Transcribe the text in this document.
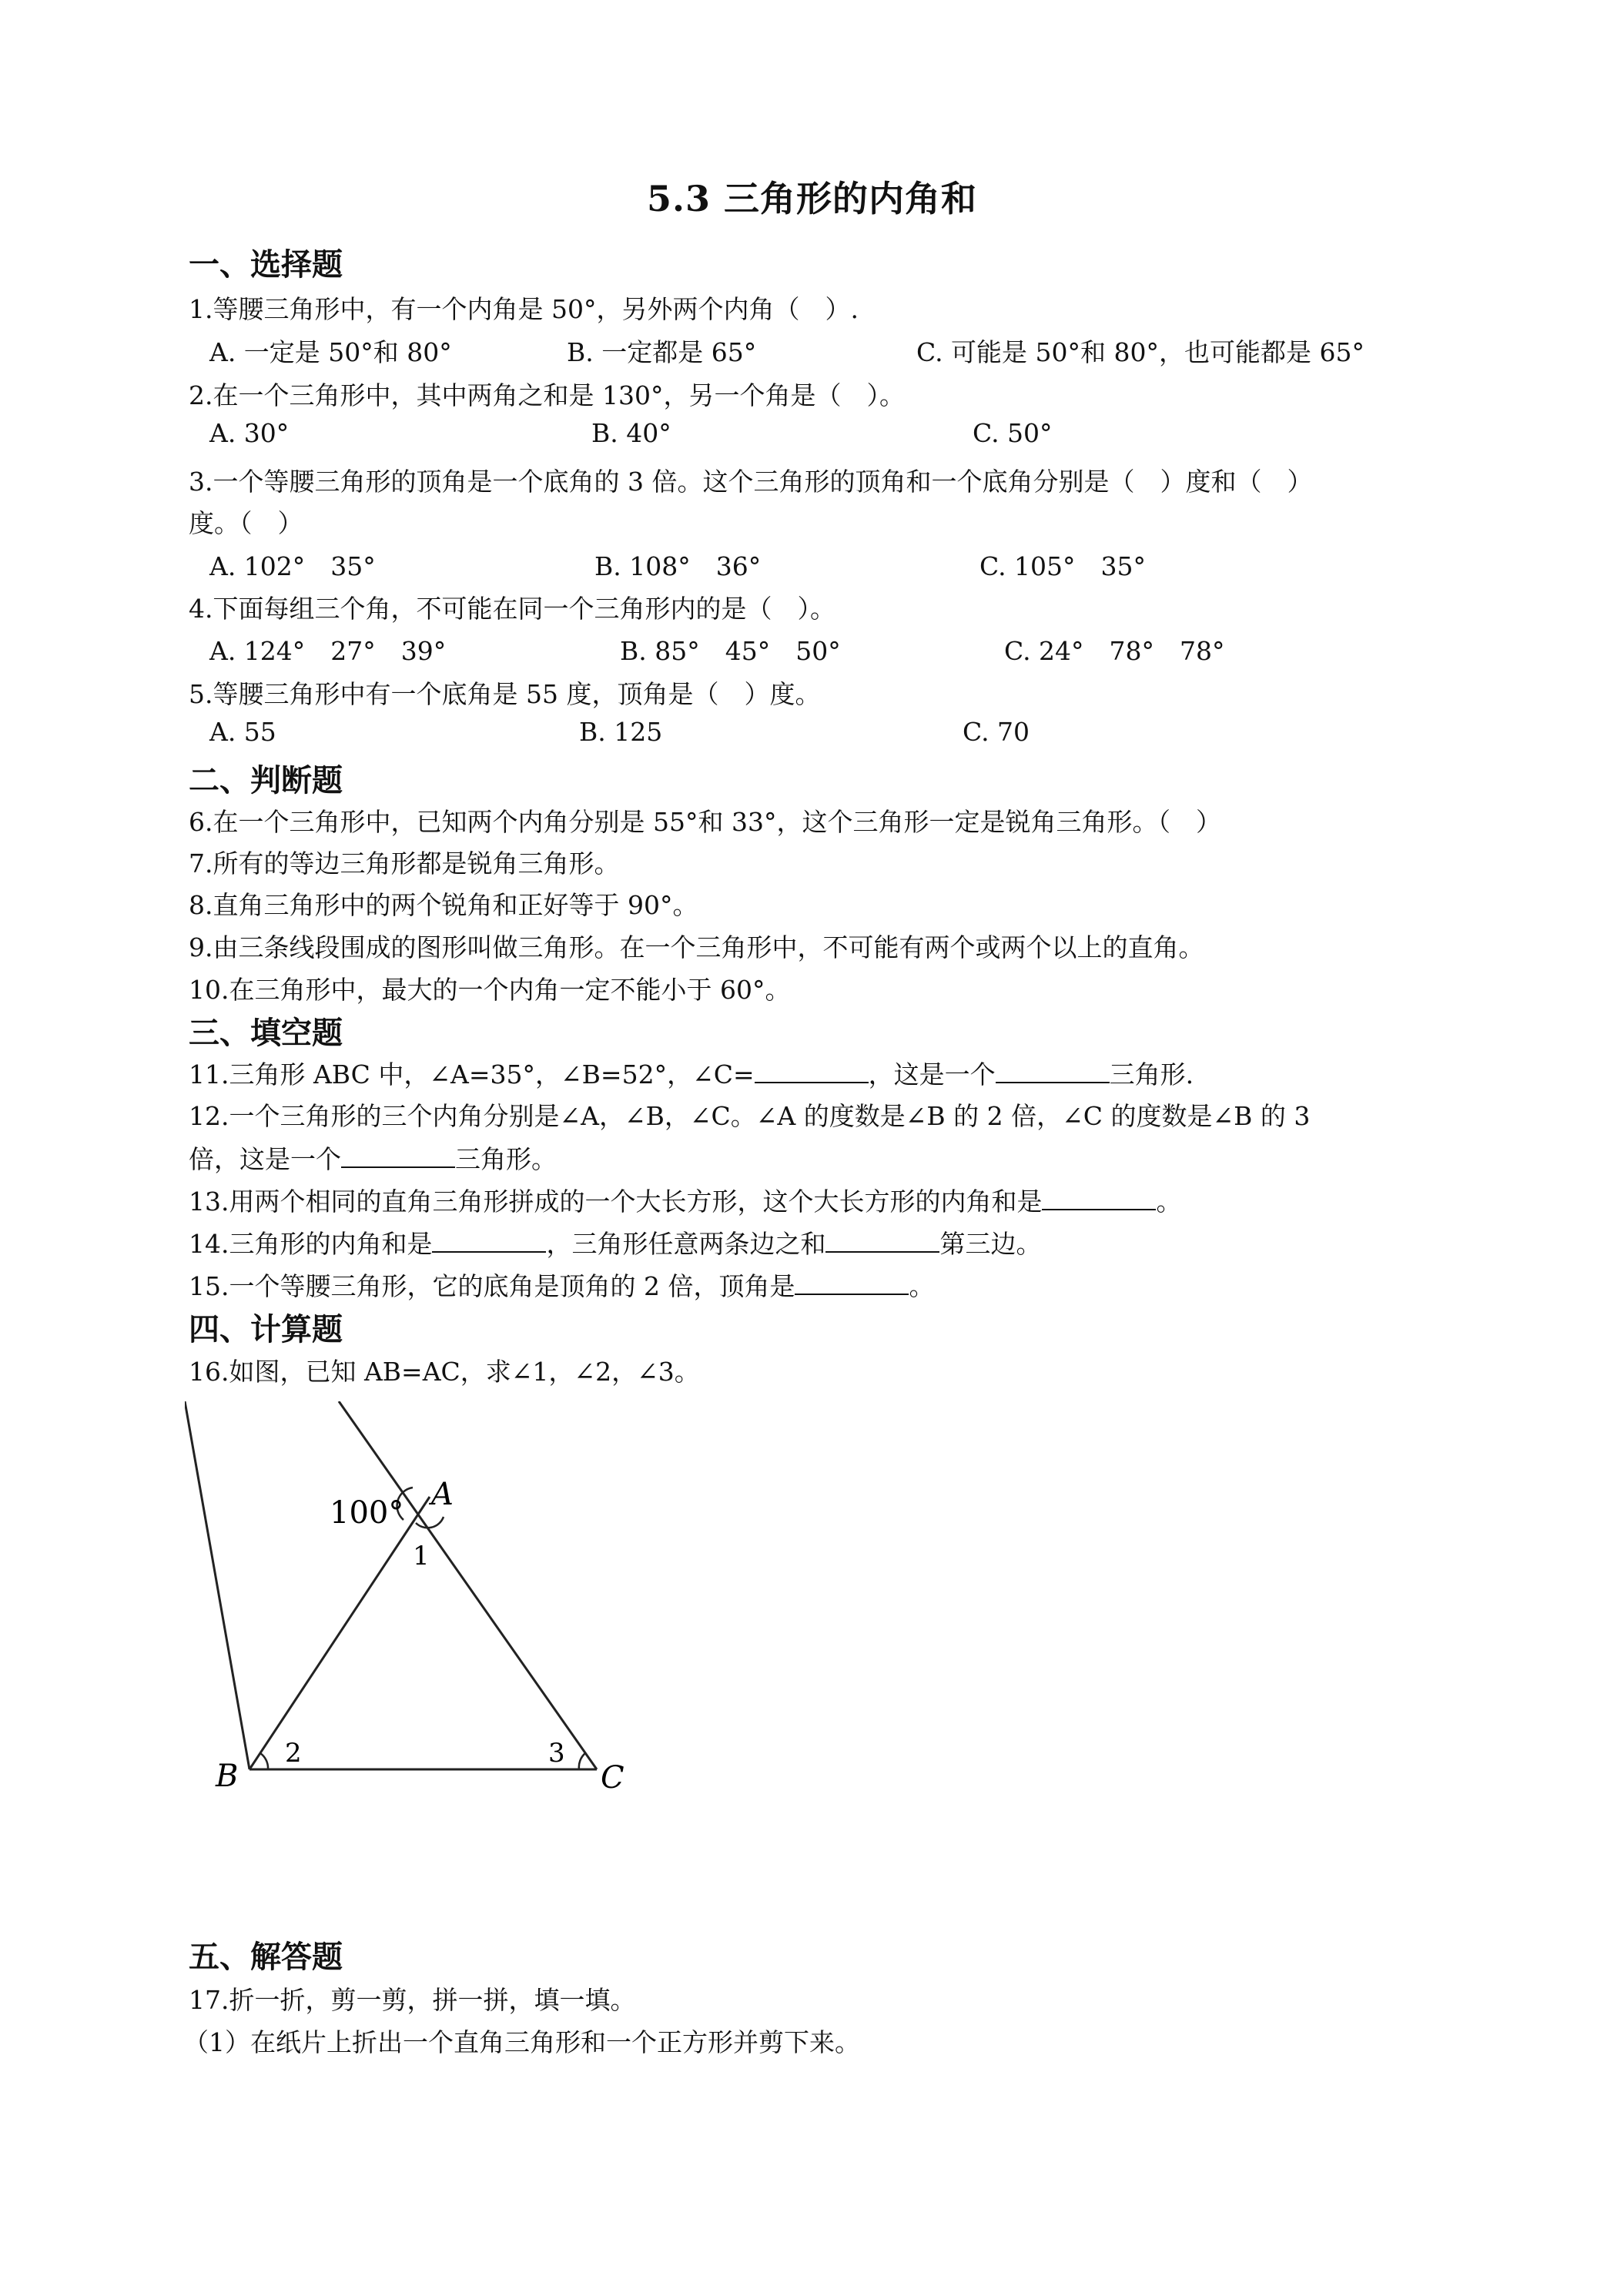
5.3 三角形的内角和
一、选择题
1.等腰三角形中，有一个内角是 50°，另外两个内角（　）.
A. 一定是 50°和 80°	B. 一定都是 65°	C. 可能是 50°和 80°，也可能都是 65°
2.在一个三角形中，其中两角之和是 130°，另一个角是（　）。
A. 30°	B. 40°	C. 50°
3.一个等腰三角形的顶角是一个底角的 3 倍。这个三角形的顶角和一个底角分别是（　）度和（　）
度。（　）
A. 102°　35°	B. 108°　36°	C. 105°　35°
4.下面每组三个角，不可能在同一个三角形内的是（　）。
A. 124°　27°　39°	B. 85°　45°　50°	C. 24°　78°　78°
5.等腰三角形中有一个底角是 55 度，顶角是（　）度。
A. 55	B. 125	C. 70
二、判断题
6.在一个三角形中，已知两个内角分别是 55°和 33°，这个三角形一定是锐角三角形。（　）
7.所有的等边三角形都是锐角三角形。
8.直角三角形中的两个锐角和正好等于 90°。
9.由三条线段围成的图形叫做三角形。在一个三角形中，不可能有两个或两个以上的直角。
10.在三角形中，最大的一个内角一定不能小于 60°。
三、填空题
11.三角形 ABC 中，∠A=35°，∠B=52°，∠C=	，这是一个	三角形.
12.一个三角形的三个内角分别是∠A，∠B，∠C。∠A 的度数是∠B 的 2 倍，∠C 的度数是∠B 的 3
倍，这是一个	三角形。
13.用两个相同的直角三角形拼成的一个大长方形，这个大长方形的内角和是	。
14.三角形的内角和是	，三角形任意两条边之和	第三边。
15.一个等腰三角形，它的底角是顶角的 2 倍，顶角是	。
四、计算题
16.如图，已知 AB=AC，求∠1，∠2，∠3。
100°
A
1
B
2	3
C
五、解答题
17.折一折，剪一剪，拼一拼，填一填。
（1）在纸片上折出一个直角三角形和一个正方形并剪下来。
